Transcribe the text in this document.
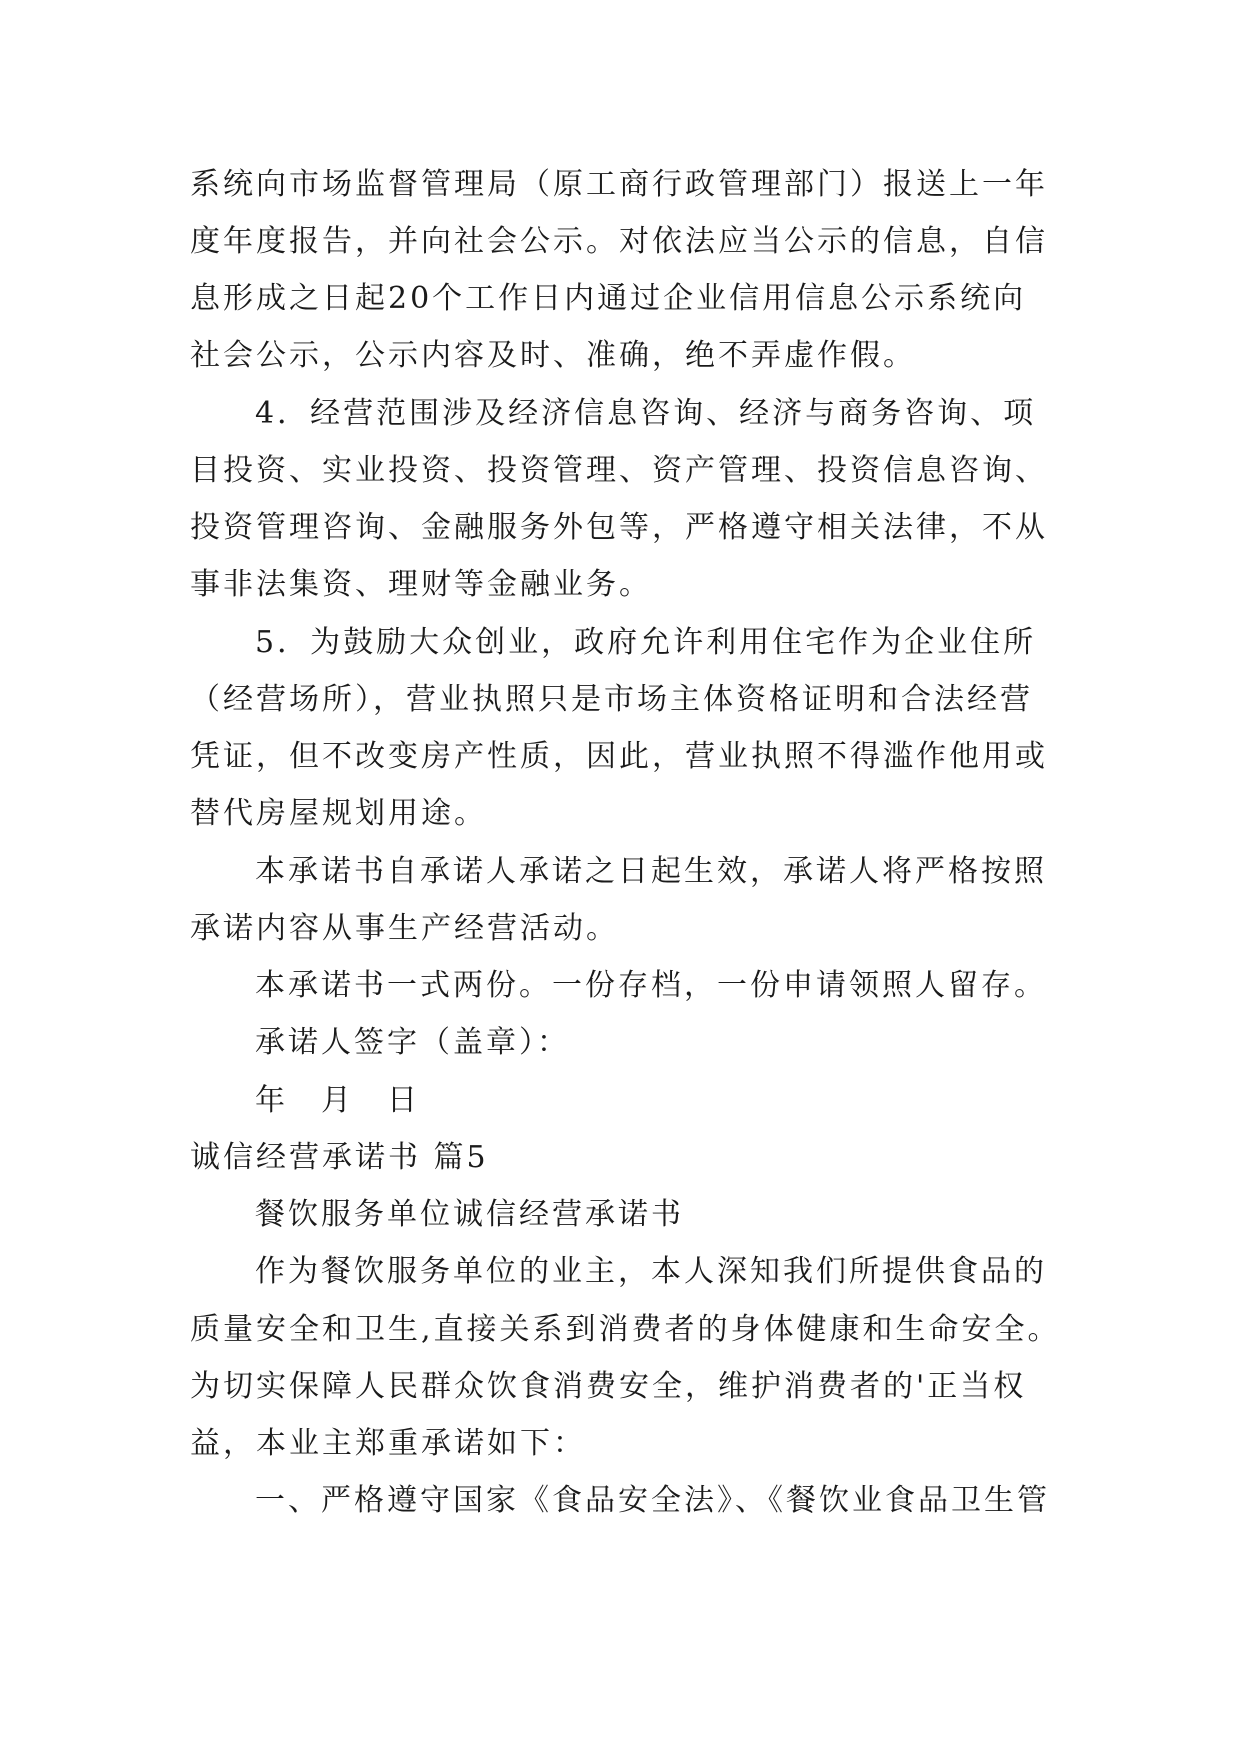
系统向市场监督管理局（原工商行政管理部门）报送上一年
度年度报告，并向社会公示。对依法应当公示的信息，自信
息形成之日起20个工作日内通过企业信用信息公示系统向
社会公示，公示内容及时、准确，绝不弄虚作假。
4．经营范围涉及经济信息咨询、经济与商务咨询、项
目投资、实业投资、投资管理、资产管理、投资信息咨询、
投资管理咨询、金融服务外包等，严格遵守相关法律，不从
事非法集资、理财等金融业务。
5．为鼓励大众创业，政府允许利用住宅作为企业住所
（经营场所），营业执照只是市场主体资格证明和合法经营
凭证，但不改变房产性质，因此，营业执照不得滥作他用或
替代房屋规划用途。
本承诺书自承诺人承诺之日起生效，承诺人将严格按照
承诺内容从事生产经营活动。
本承诺书一式两份。一份存档，一份申请领照人留存。
承诺人签字（盖章）：
年　月　日
诚信经营承诺书 篇5
餐饮服务单位诚信经营承诺书
作为餐饮服务单位的业主，本人深知我们所提供食品的
质量安全和卫生,直接关系到消费者的身体健康和生命安全。
为切实保障人民群众饮食消费安全，维护消费者的'正当权
益，本业主郑重承诺如下：
一、严格遵守国家《食品安全法》、《餐饮业食品卫生管
